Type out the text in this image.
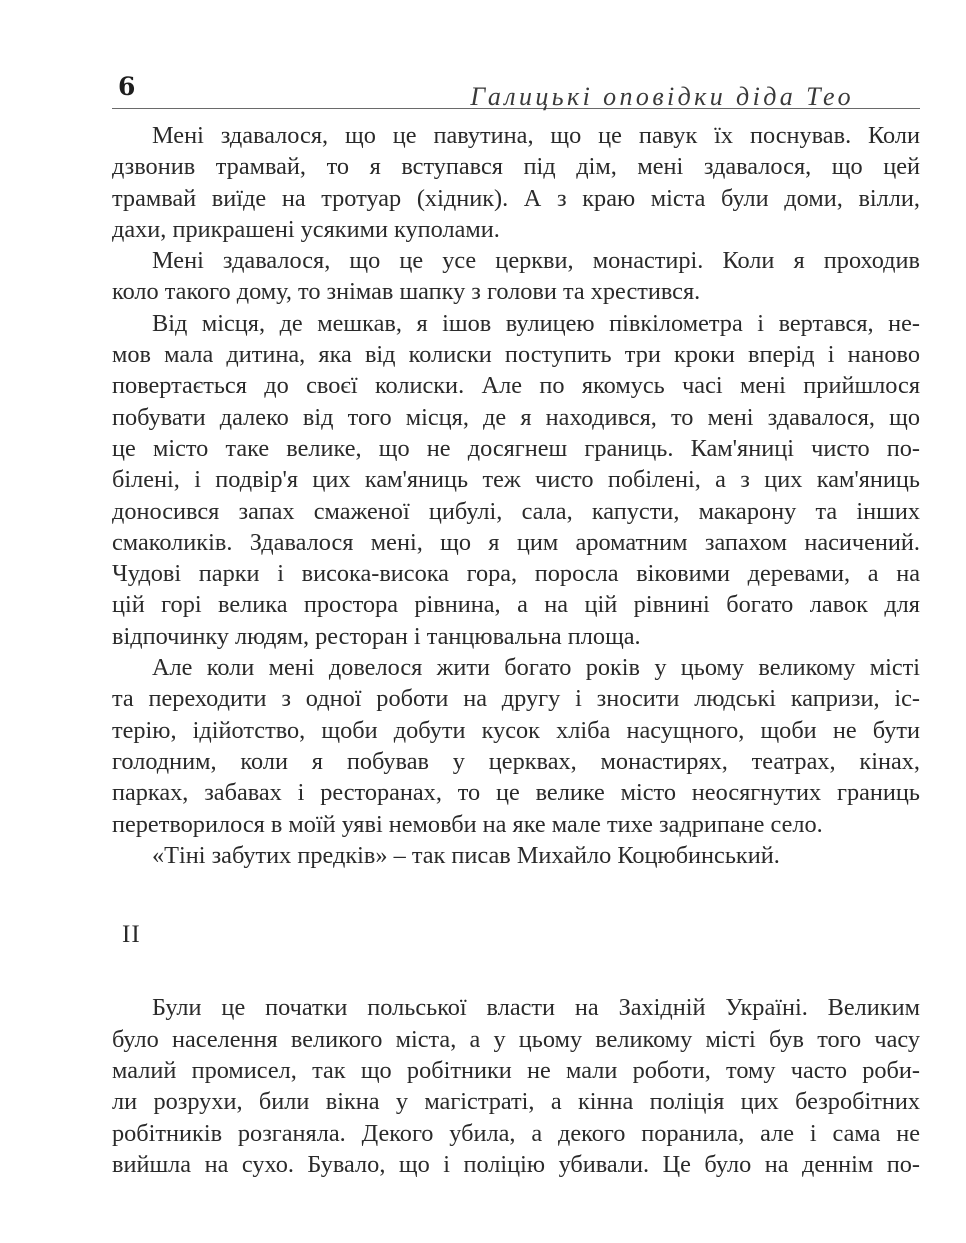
6	Галицькі оповідки діда Тео
Мені здавалося, що це павутина, що це павук їх поснував. Коли
дзвонив трамвай, то я вступався під дім, мені здавалося, що цей
трамвай виїде на тротуар (хідник). А з краю міста були доми, вілли,
дахи, прикрашені усякими куполами.
Мені здавалося, що це усе церкви, монастирі. Коли я проходив
коло такого дому, то знімав шапку з голови та хрестився.
Від місця, де мешкав, я ішов вулицею півкілометра і вертався, не-
мов мала дитина, яка від колиски поступить три кроки вперід і наново
повертається до своєї колиски. Але по якомусь часі мені прийшлося
побувати далеко від того місця, де я находився, то мені здавалося, що
це місто таке велике, що не досягнеш границь. Кам'яниці чисто по-
білені, і подвір'я цих кам'яниць теж чисто побілені, а з цих кам'яниць
доносився запах смаженої цибулі, сала, капусти, макарону та інших
смаколиків. Здавалося мені, що я цим ароматним запахом насичений.
Чудові парки і висока-висока гора, поросла віковими деревами, а на
цій горі велика простора рівнина, а на цій рівнині богато лавок для
відпочинку людям, ресторан і танцювальна площа.
Але коли мені довелося жити богато років у цьому великому місті
та переходити з одної роботи на другу і зносити людські капризи, іс-
терію, ідійотство, щоби добути кусок хліба насущного, щоби не бути
голодним, коли я побував у церквах, монастирях, театрах, кінах,
парках, забавах і ресторанах, то це велике місто неосягнутих границь
перетворилося в моїй уяві немовби на яке мале тихе задрипане село.
«Тіні забутих предків» – так писав Михайло Коцюбинський.
II
Були це початки польської власти на Західній Україні. Великим
було населення великого міста, а у цьому великому місті був того часу
малий промисел, так що робітники не мали роботи, тому часто роби-
ли розрухи, били вікна у магістраті, а кінна поліція цих безробітних
робітників розганяла. Декого убила, а декого поранила, але і сама не
вийшла на сухо. Бувало, що і поліцію убивали. Це було на деннім по-
